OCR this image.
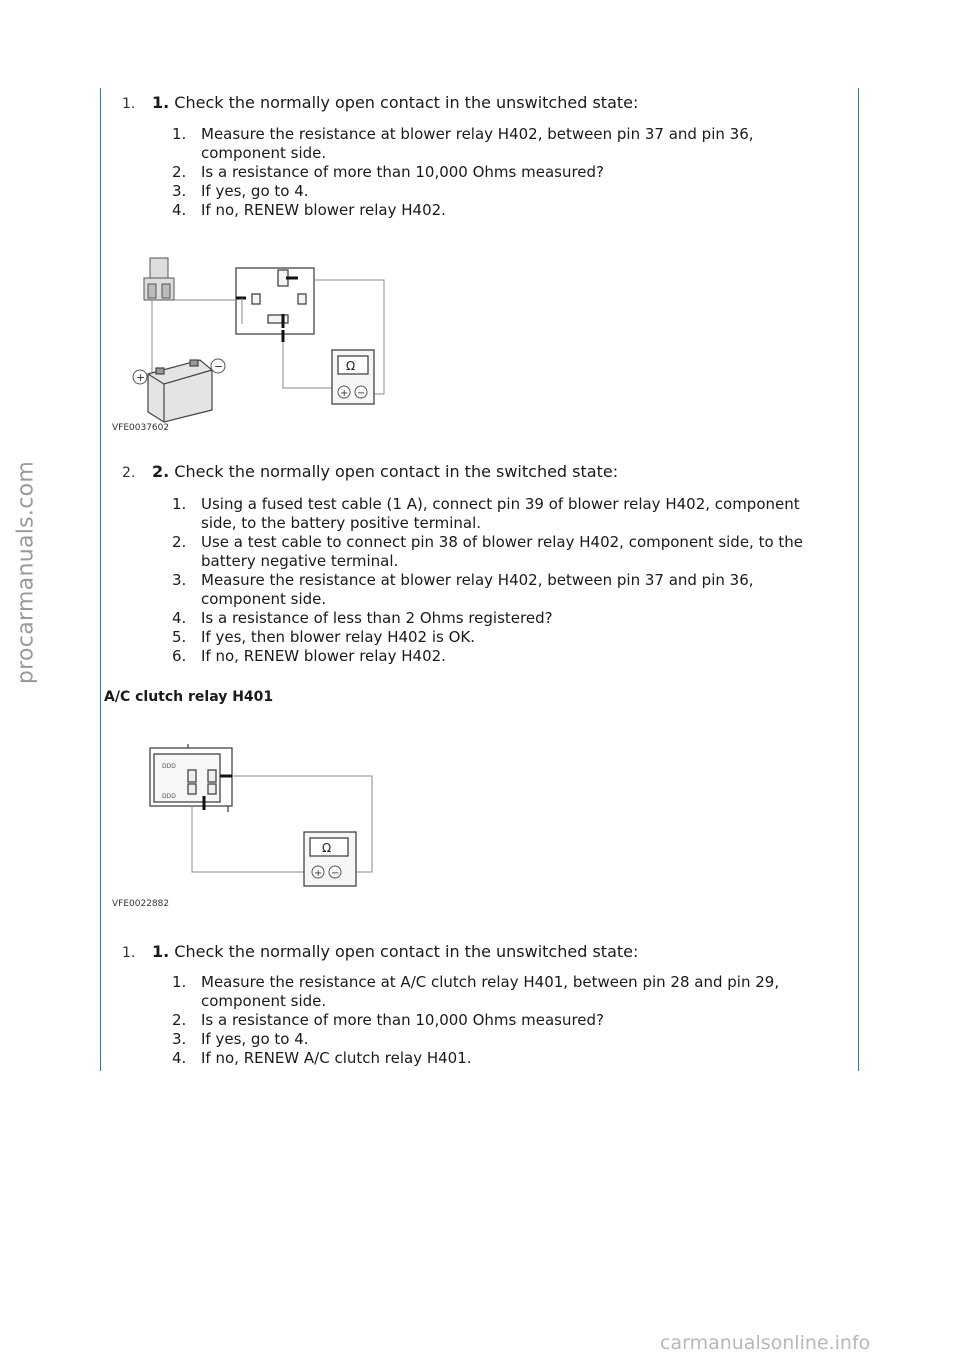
procarmanuals.com
1. 1. Check the normally open contact in the unswitched state:
1. Measure the resistance at blower relay H402, between pin 37 and pin 36, component side.
2. Is a resistance of more than 10,000 Ohms measured?
3. If yes, go to 4.
4. If no, RENEW blower relay H402.
+
−	Ω
+ −
VFE0037602
2. 2. Check the normally open contact in the switched state:
1. Using a fused test cable (1 A), connect pin 39 of blower relay H402, component side, to the battery positive terminal.
2. Use a test cable to connect pin 38 of blower relay H402, component side, to the battery negative terminal.
3. Measure the resistance at blower relay H402, between pin 37 and pin 36, component side.
4. Is a resistance of less than 2 Ohms registered?
5. If yes, then blower relay H402 is OK.
6. If no, RENEW blower relay H402.
A/C clutch relay H401
DDD
DDD
Ω
+ −
VFE0022882
1. 1. Check the normally open contact in the unswitched state:
1. Measure the resistance at A/C clutch relay H401, between pin 28 and pin 29, component side.
2. Is a resistance of more than 10,000 Ohms measured?
3. If yes, go to 4.
4. If no, RENEW A/C clutch relay H401.
carmanualsonline.info
